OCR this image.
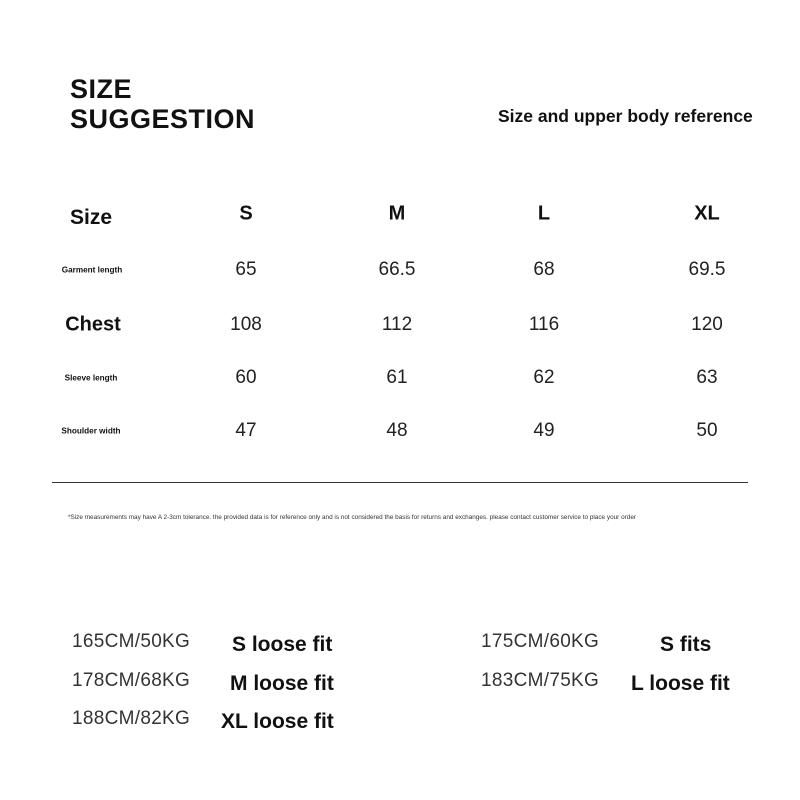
SIZE
SUGGESTION	Size and upper body reference
Size	S	M	L	XL
Garment length	65	66.5	68	69.5
Chest	108	112	116	120
Sleeve length	60	61	62	63
Shoulder width	47	48	49	50
*Size measurements may have A 2-3cm tolerance. the provided data is for reference only and is not considered the basis for returns and exchanges. please contact customer service to place your order
165CM/50KG S loose fit
178CM/68KG M loose fit
188CM/82KG XL loose fit
175CM/60KG	S fits
183CM/75KG L loose fit
